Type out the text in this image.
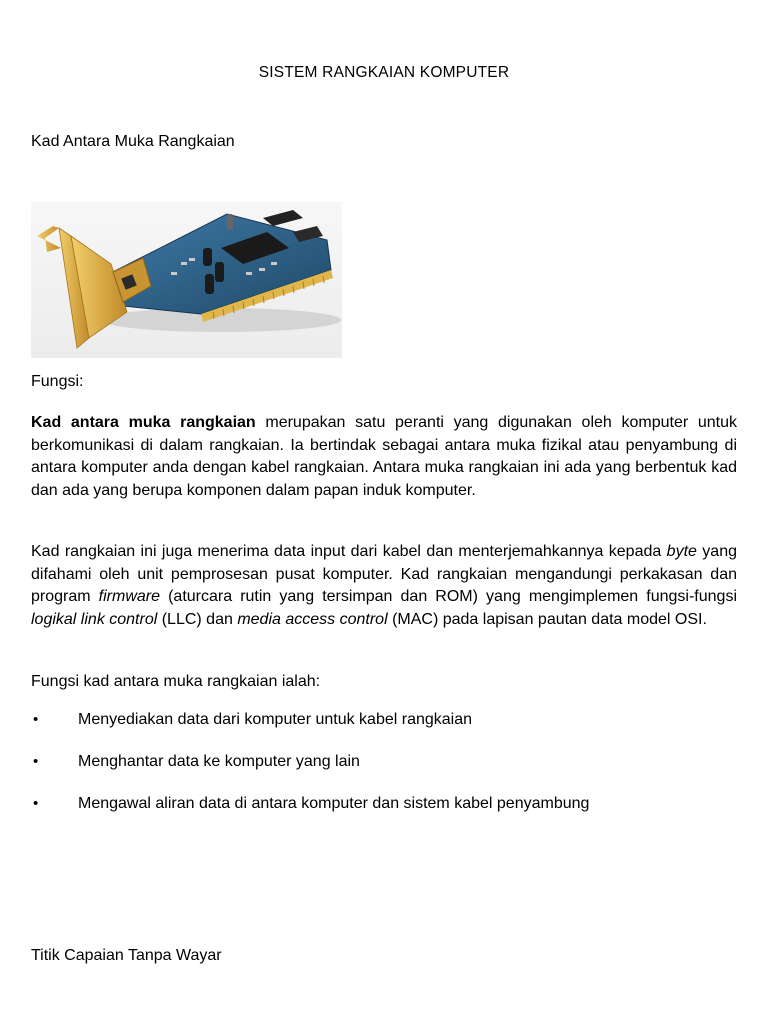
SISTEM RANGKAIAN KOMPUTER
Kad Antara Muka Rangkaian
Fungsi:
Kad antara muka rangkaian merupakan satu peranti yang digunakan oleh komputer untuk berkomunikasi di dalam rangkaian. Ia bertindak sebagai antara muka fizikal atau penyambung di antara komputer anda dengan kabel rangkaian. Antara muka rangkaian ini ada yang berbentuk kad dan ada yang berupa komponen dalam papan induk komputer.
Kad rangkaian ini juga menerima data input dari kabel dan menterjemahkannya kepada byte yang difahami oleh unit pemprosesan pusat komputer. Kad rangkaian mengandungi perkakasan dan program firmware (aturcara rutin yang tersimpan dan ROM) yang mengimplemen fungsi-fungsi logikal link control (LLC) dan media access control (MAC) pada lapisan pautan data model OSI.
Fungsi kad antara muka rangkaian ialah:
• Menyediakan data dari komputer untuk kabel rangkaian
• Menghantar data ke komputer yang lain
• Mengawal aliran data di antara komputer dan sistem kabel penyambung
Titik Capaian Tanpa Wayar
